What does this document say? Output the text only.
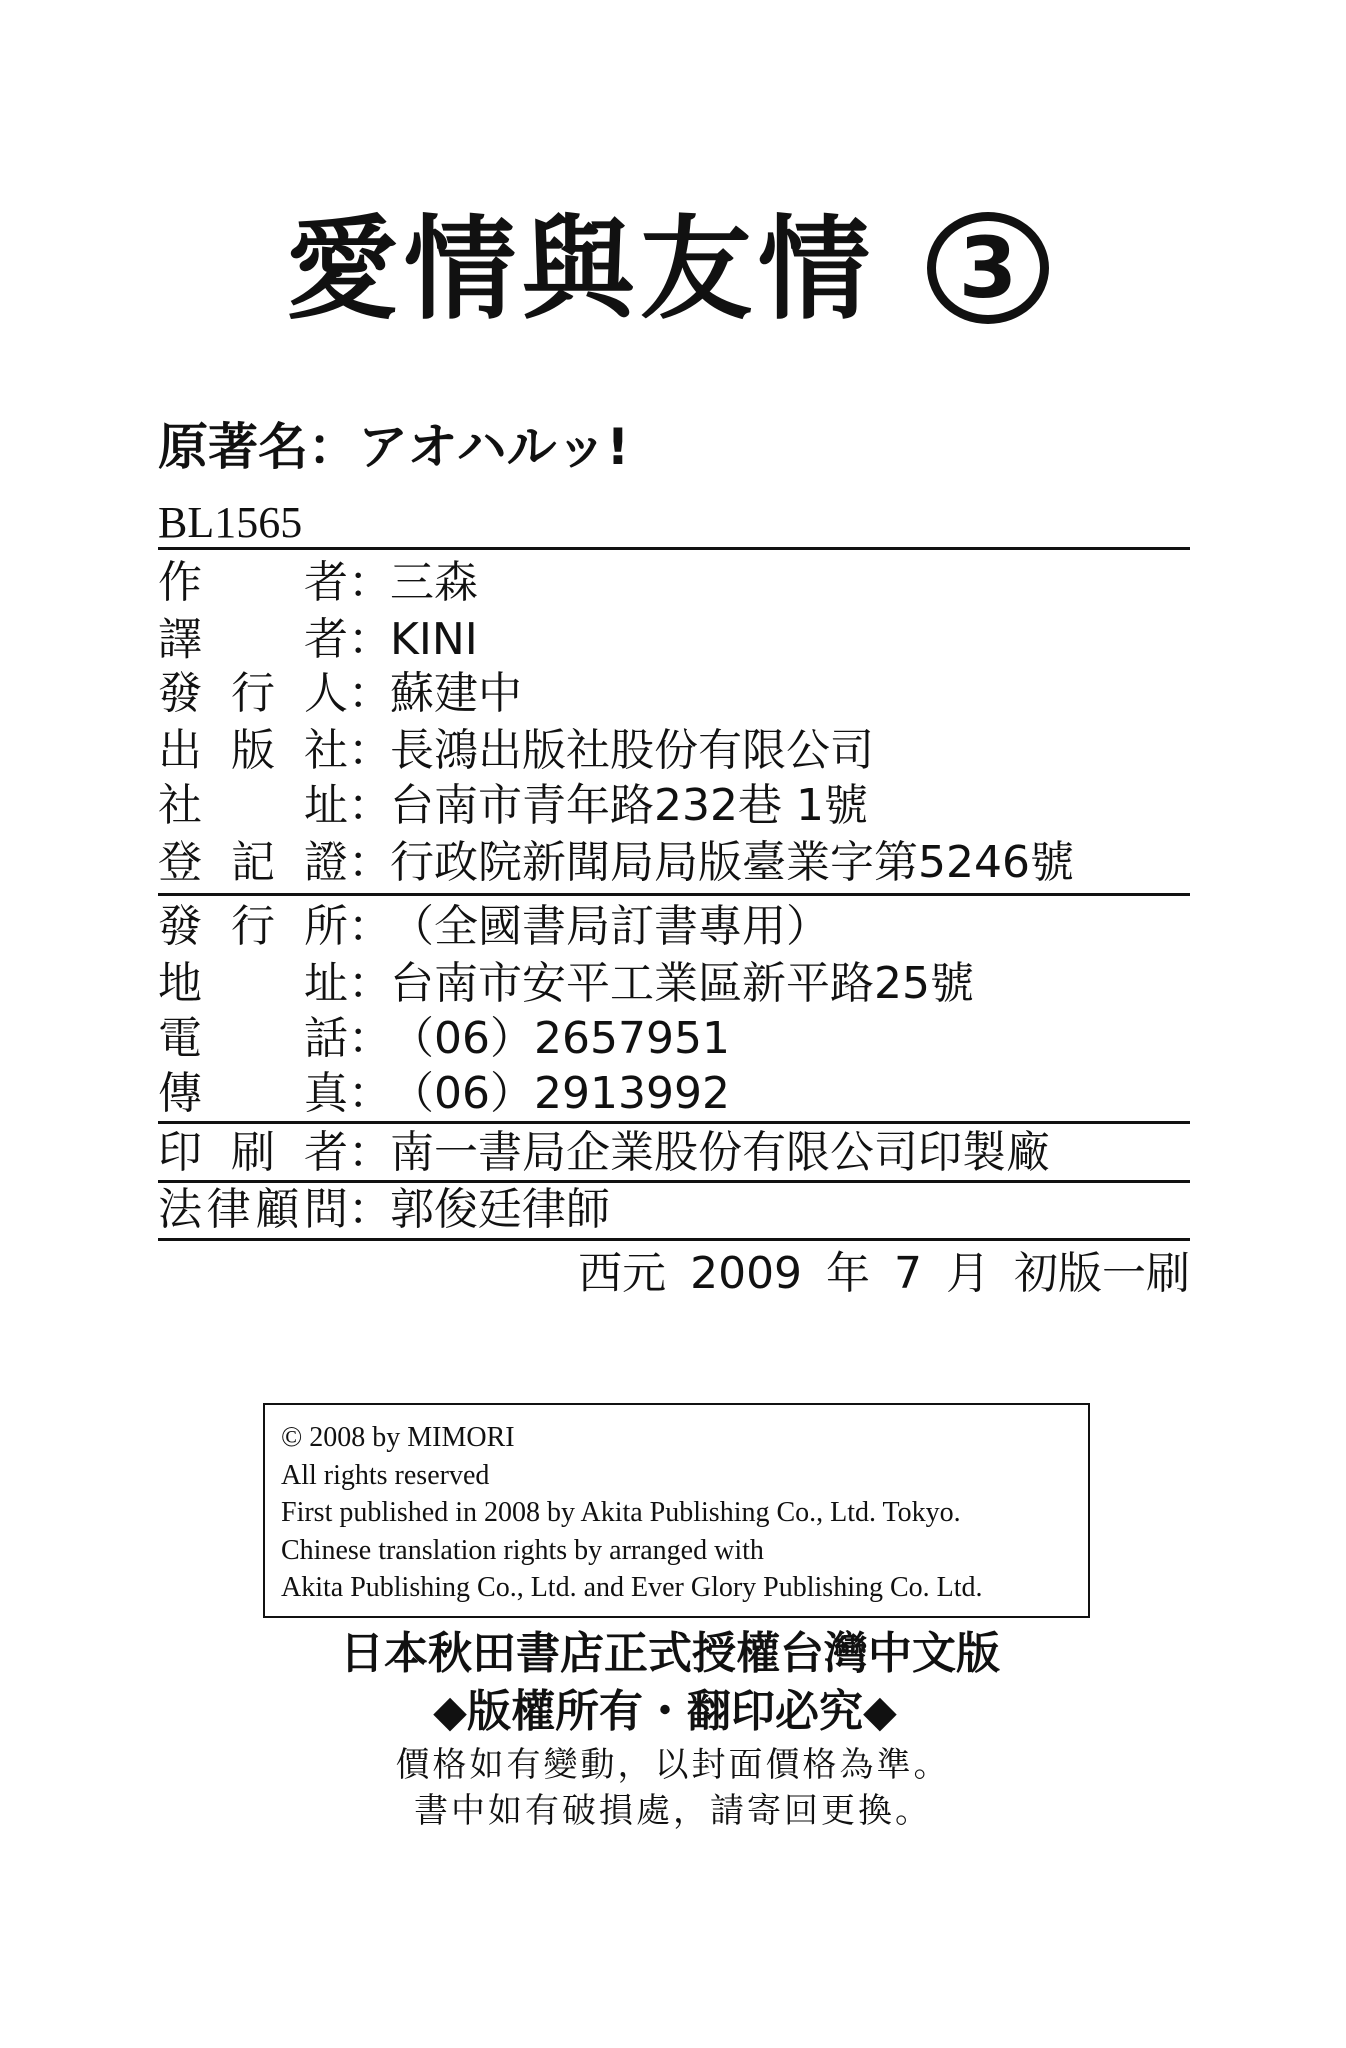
愛情與友情 3
原著名：アオハルッ!
BL1565
作 者 ：
三森
譯 者 ：
KINI
發 行 人 ：
蘇建中
出 版 社 ：
長鴻出版社股份有限公司
社 址 ：
台南市青年路232巷 1號
登 記 證 ：
行政院新聞局局版臺業字第5246號
發 行 所 ：
（全國書局訂書專用）
地 址 ：
台南市安平工業區新平路25號
電 話 ：
（06）2657951
傳 真 ：
（06）2913992
印 刷 者 ：
南一書局企業股份有限公司印製廠
法 律 顧 問 ：
郭俊廷律師
西元 2009 年 7 月 初版一刷
© 2008 by MIMORI
All rights reserved
First published in 2008 by Akita Publishing Co., Ltd. Tokyo.
Chinese translation rights by arranged with
Akita Publishing Co., Ltd. and Ever Glory Publishing Co. Ltd.
日本秋田書店正式授權台灣中文版
◆版權所有・翻印必究◆
價格如有變動，以封面價格為準。
書中如有破損處，請寄回更換。
